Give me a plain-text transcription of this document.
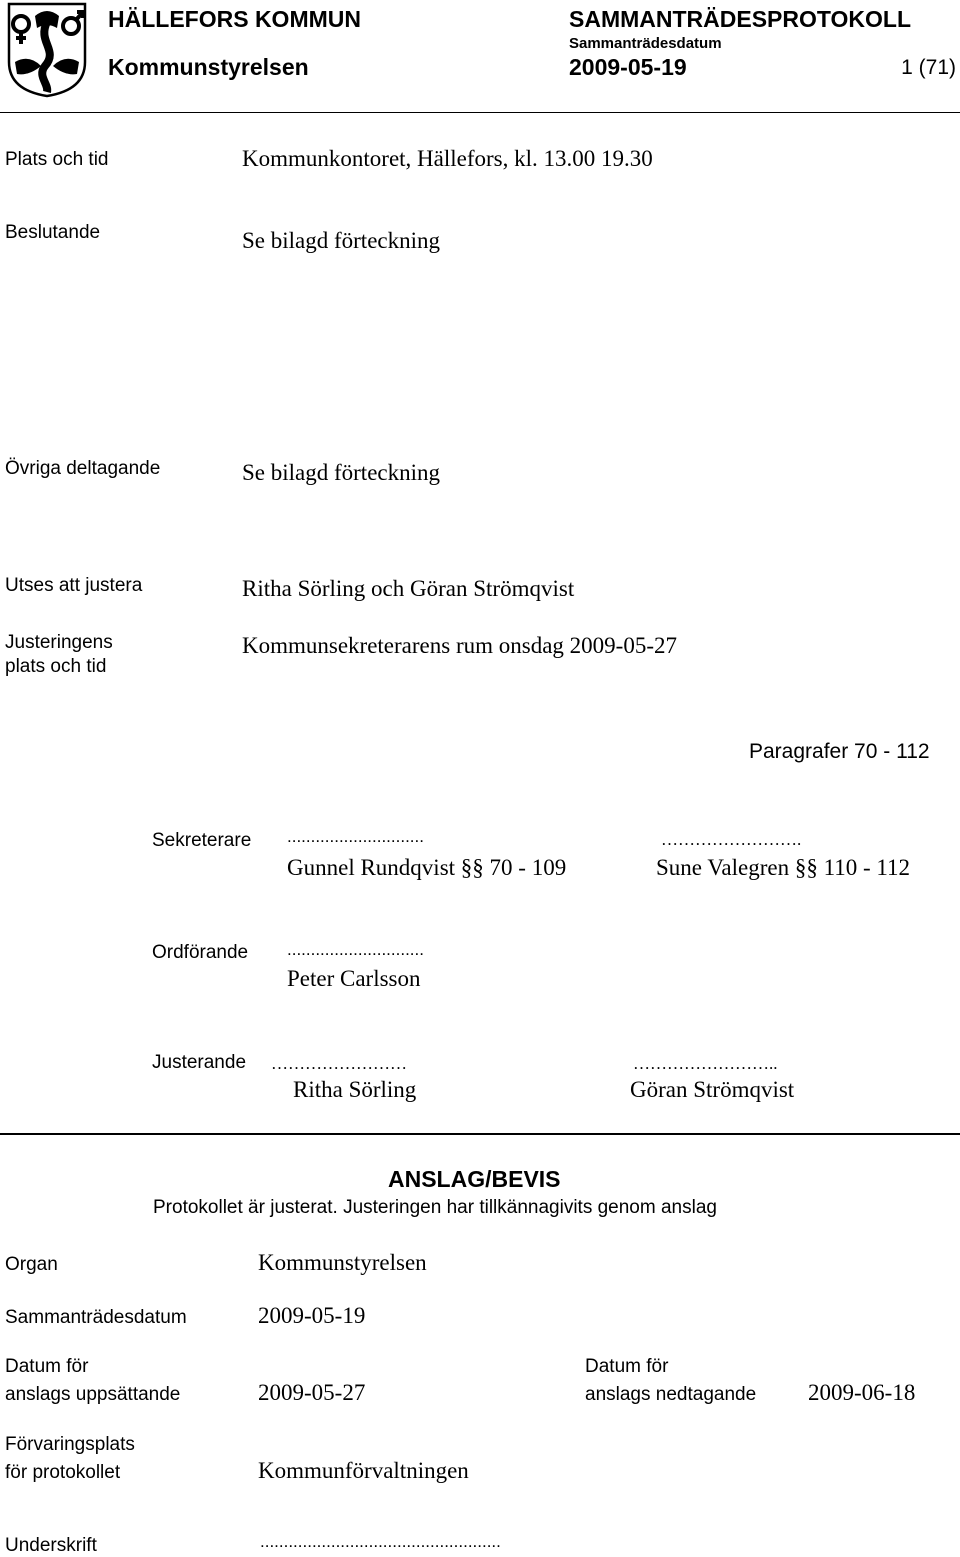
HÄLLEFORS KOMMUN
Kommunstyrelsen
SAMMANTRÄDESPROTOKOLL
Sammanträdesdatum
2009-05-19	1 (71)
Plats och tid	Kommunkontoret, Hällefors, kl. 13.00 19.30
Beslutande	Se bilagd förteckning
Övriga deltagande	Se bilagd förteckning
Utses att justera	Ritha Sörling och Göran Strömqvist
Justeringens
plats och tid
Kommunsekreterarens rum onsdag 2009-05-27
Paragrafer 70 - 112
Sekreterare .............................	…………………….
Gunnel Rundqvist §§ 70 - 109	Sune Valegren §§ 110 - 112
Ordförande .............................
Peter Carlsson
Justerande ……………………	……………………..
Ritha Sörling	Göran Strömqvist
ANSLAG/BEVIS
Protokollet är justerat. Justeringen har tillkännagivits genom anslag
Organ	Kommunstyrelsen
Sammanträdesdatum	2009-05-19
Datum för
anslags uppsättande	2009-05-27
Datum för
anslags nedtagande 2009-06-18
Förvaringsplats
för protokollet	Kommunförvaltningen
Underskrift	...................................................
